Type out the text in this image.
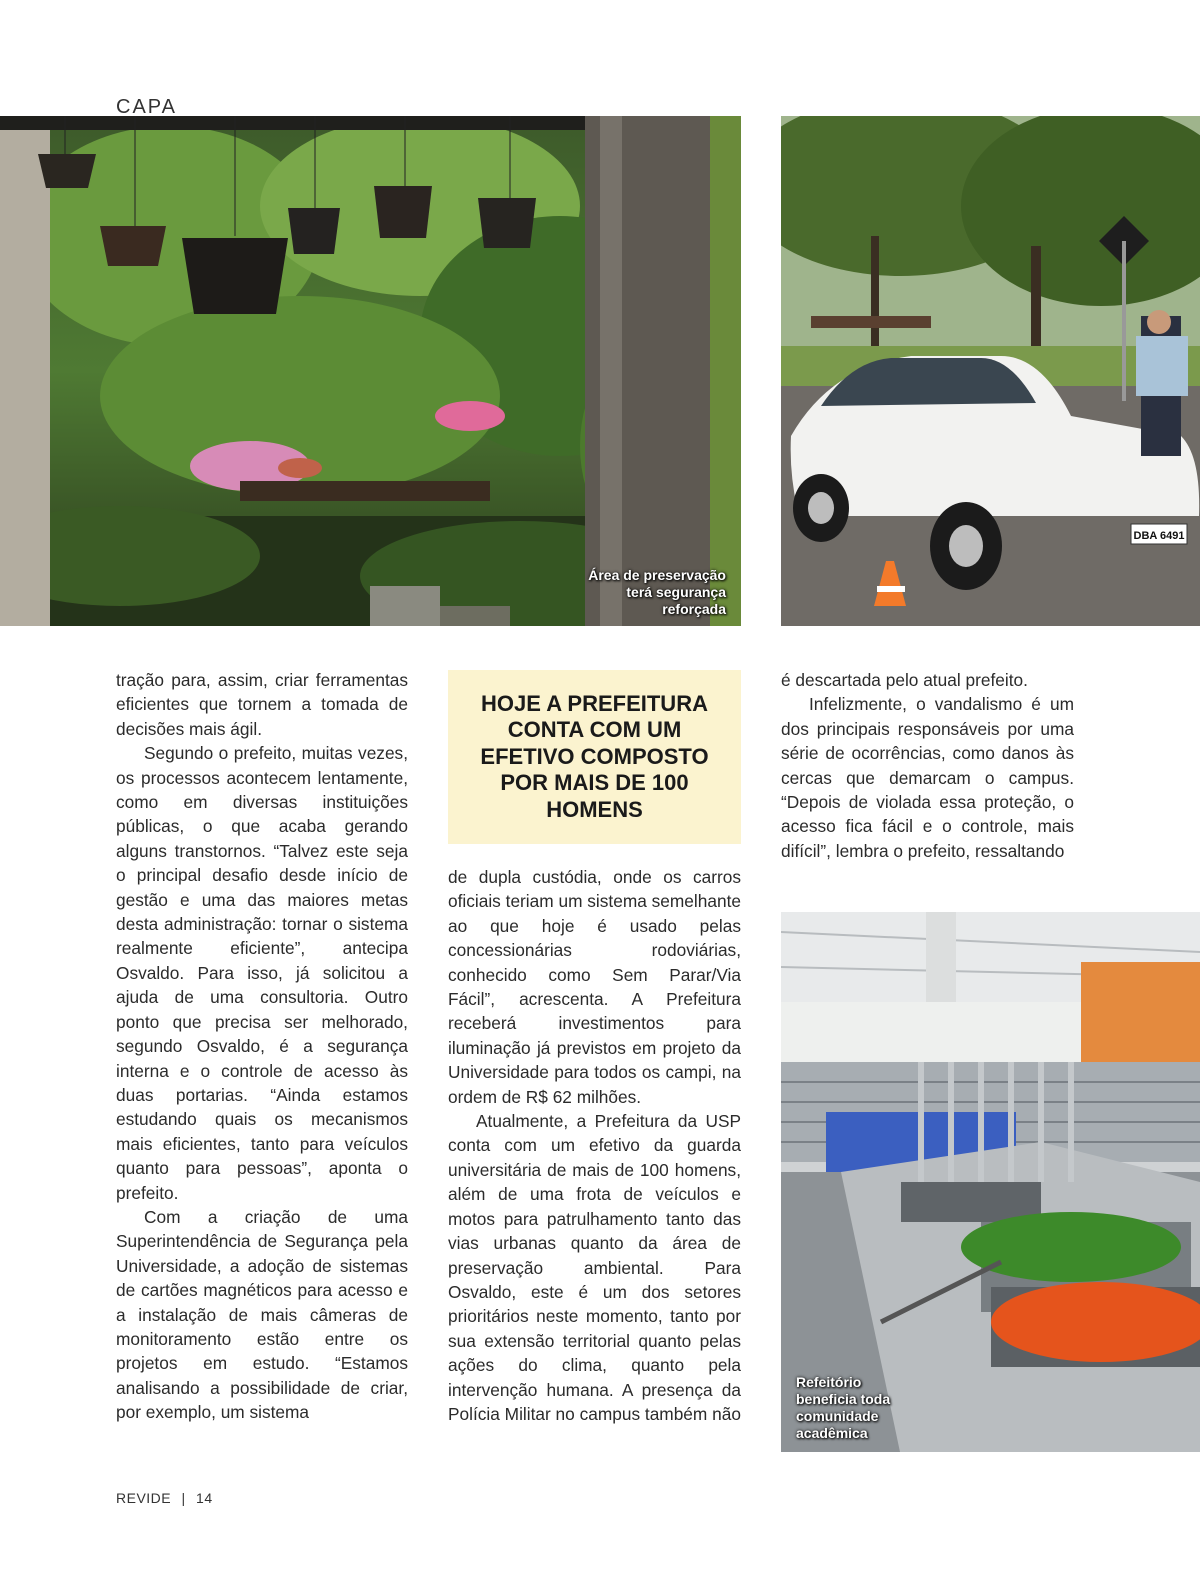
CAPA
Área de preservação
terá segurança
reforçada
DBA 6491
HOJE A PREFEITURA CONTA COM UM EFETIVO COMPOSTO POR MAIS DE 100 HOMENS

tração para, assim, criar ferramentas eficientes que tornem a tomada de decisões mais ágil.

Segundo o prefeito, muitas vezes, os processos acontecem lentamente, como em diversas instituições públicas, o que acaba gerando alguns transtornos. “Talvez este seja o principal desafio desde início de gestão e uma das maiores metas desta administração: tornar o sistema realmente eficiente”, antecipa Osvaldo. Para isso, já solicitou a ajuda de uma consultoria. Outro ponto que precisa ser melhorado, segundo Osvaldo, é a segurança interna e o controle de acesso às duas portarias. “Ainda estamos estudando quais os mecanismos mais eficientes, tanto para veículos quanto para pessoas”, aponta o prefeito.

Com a criação de uma Superintendência de Segurança pela Universidade, a adoção de sistemas de cartões magnéticos para acesso e a instalação de mais câmeras de monitoramento estão entre os projetos em estudo. “Estamos analisando a possibilidade de criar, por exemplo, um sistema

de dupla custódia, onde os carros oficiais teriam um sistema semelhante ao que hoje é usado pelas concessionárias rodoviárias, conhecido como Sem Parar/Via Fácil”, acrescenta. A Prefeitura receberá investimentos para iluminação já previstos em projeto da Universidade para todos os campi, na ordem de R$ 62 milhões.

Atualmente, a Prefeitura da USP conta com um efetivo da guarda universitária de mais de 100 homens, além de uma frota de veículos e motos para patrulhamento tanto das vias urbanas quanto da área de preservação ambiental. Para Osvaldo, este é um dos setores prioritários neste momento, tanto por sua extensão territorial quanto pelas ações do clima, quanto pela intervenção humana. A presença da Polícia Militar no campus também não

é descartada pelo atual prefeito.

Infelizmente, o vandalismo é um dos principais responsáveis por uma série de ocorrências, como danos às cercas que demarcam o campus. “Depois de violada essa proteção, o acesso fica fácil e o controle, mais difícil”, lembra o prefeito, ressaltando

Refeitório
beneficia toda
comunidade
acadêmica
REVIDE | 14
